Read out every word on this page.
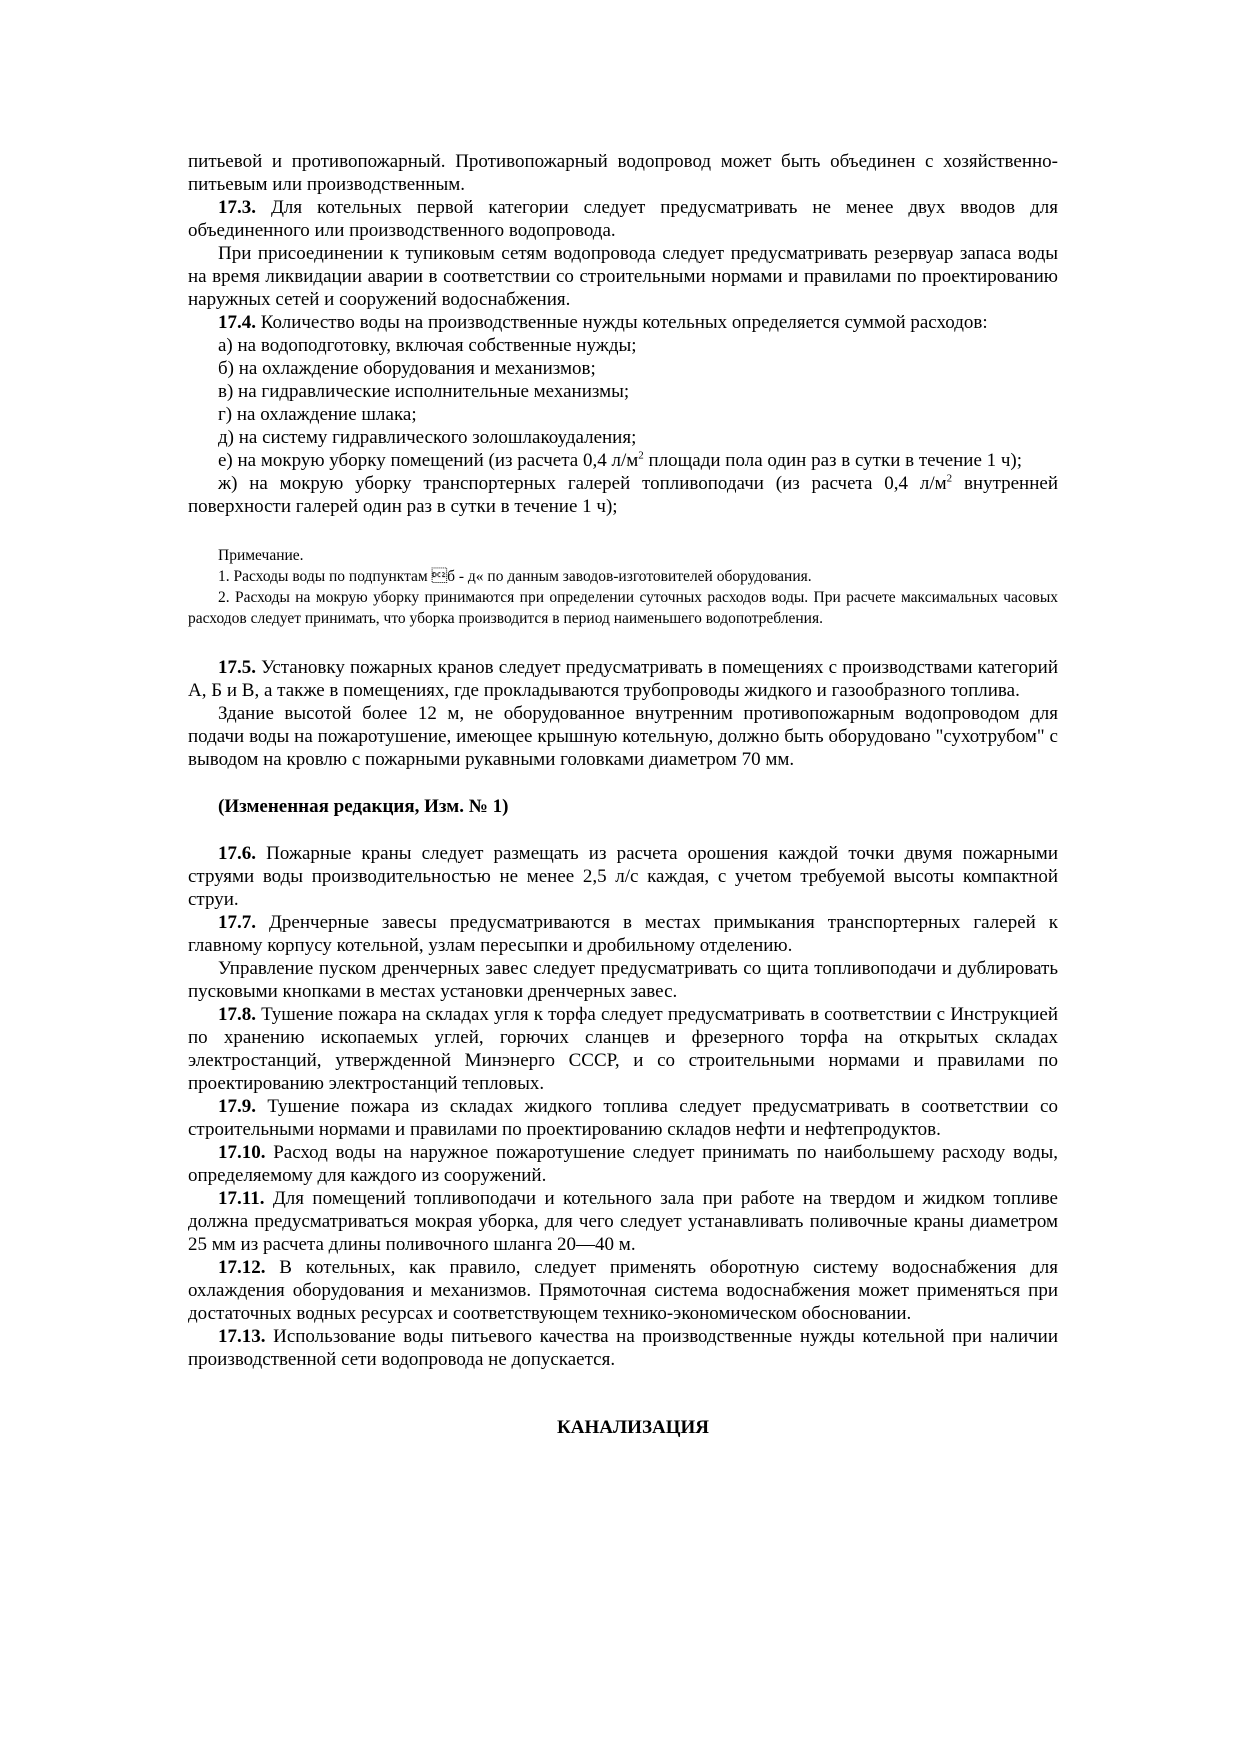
питьевой и противопожарный. Противопожарный водопровод может быть объединен с хозяйственно-питьевым или производственным.

17.3. Для котельных первой категории следует предусматривать не менее двух вводов для объединенного или производственного водопровода.

При присоединении к тупиковым сетям водопровода следует предусматривать резервуар запаса воды на время ликвидации аварии в соответствии со строительными нормами и правилами по проектированию наружных сетей и сооружений водоснабжения.

17.4. Количество воды на производственные нужды котельных определяется суммой расходов:

а) на водоподготовку, включая собственные нужды;

б) на охлаждение оборудования и механизмов;

в) на гидравлические исполнительные механизмы;

г) на охлаждение шлака;

д) на систему гидравлического золошлакоудаления;

е) на мокрую уборку помещений (из расчета 0,4 $л/м^2$ площади пола один раз в сутки в течение 1 ч);

ж) на мокрую уборку транспортерных галерей топливоподачи (из расчета 0,4 $л/м^2$ внутренней поверхности галерей один раз в сутки в течение 1 ч);

Примечание.

1. Расходы воды по подпунктам б - д« по данным заводов-изготовителей оборудования.

2. Расходы на мокрую уборку принимаются при определении суточных расходов воды. При расчете максимальных часовых расходов следует принимать, что уборка производится в период наименьшего водопотребления.

17.5. Установку пожарных кранов следует предусматривать в помещениях с производствами категорий А, Б и В, а также в помещениях, где прокладываются трубопроводы жидкого и газообразного топлива.

Здание высотой более 12 м, не оборудованное внутренним противопожарным водопроводом для подачи воды на пожаротушение, имеющее крышную котельную, должно быть оборудовано "сухотрубом" с выводом на кровлю с пожарными рукавными головками диаметром 70 мм.

(Измененная редакция, Изм. № 1)

17.6. Пожарные краны следует размещать из расчета орошения каждой точки двумя пожарными струями воды производительностью не менее 2,5 л/с каждая, с учетом требуемой высоты компактной струи.

17.7. Дренчерные завесы предусматриваются в местах примыкания транспортерных галерей к главному корпусу котельной, узлам пересыпки и дробильному отделению.

Управление пуском дренчерных завес следует предусматривать со щита топливоподачи и дублировать пусковыми кнопками в местах установки дренчерных завес.

17.8. Тушение пожара на складах угля к торфа следует предусматривать в соответствии с Инструкцией по хранению ископаемых углей, горючих сланцев и фрезерного торфа на открытых складах электростанций, утвержденной Минэнерго СССР, и со строительными нормами и правилами по проектированию электростанций тепловых.

17.9. Тушение пожара из складах жидкого топлива следует предусматривать в соответствии со строительными нормами и правилами по проектированию складов нефти и нефтепродуктов.

17.10. Расход воды на наружное пожаротушение следует принимать по наибольшему расходу воды, определяемому для каждого из сооружений.

17.11. Для помещений топливоподачи и котельного зала при работе на твердом и жидком топливе должна предусматриваться мокрая уборка, для чего следует устанавливать поливочные краны диаметром 25 мм из расчета длины поливочного шланга 20—40 м.

17.12. В котельных, как правило, следует применять оборотную систему водоснабжения для охлаждения оборудования и механизмов. Прямоточная система водоснабжения может применяться при достаточных водных ресурсах и соответствующем технико-экономическом обосновании.

17.13. Использование воды питьевого качества на производственные нужды котельной при наличии производственной сети водопровода не допускается.

КАНАЛИЗАЦИЯ
